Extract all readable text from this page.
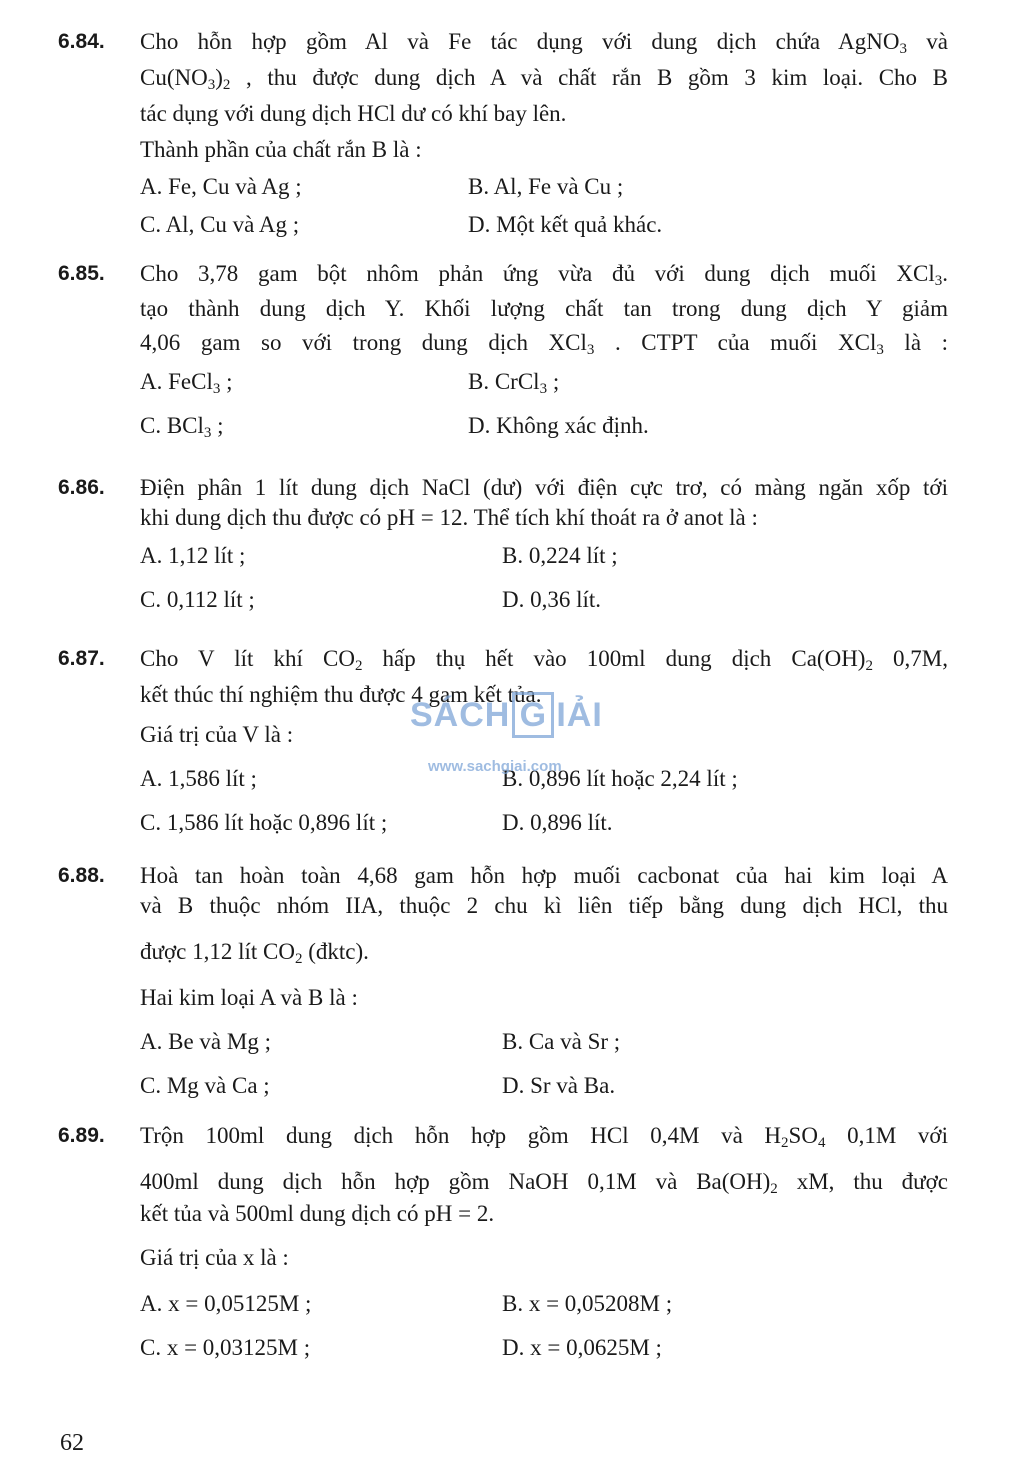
6.84. Cho hỗn hợp gồm Al và Fe tác dụng với dung dịch chứa AgNO$_3$ và
$Cu(NO_3)_2$ , thu được dung dịch A và chất rắn B gồm 3 kim loại. Cho B
tác dụng với dung dịch HCl dư có khí bay lên.
Thành phần của chất rắn B là :
A. Fe, Cu và Ag ;	B. Al, Fe và Cu ;
C. Al, Cu và Ag ;	D. Một kết quả khác.
6.85. Cho 3,78 gam bột nhôm phản ứng vừa đủ với dung dịch muối XCl$_3$.
tạo thành dung dịch Y. Khối lượng chất tan trong dung dịch Y giảm
4,06 gam so với trong dung dịch XCl$_3$ . CTPT của muối XCl$_3$ là :
A. FeCl$_3$ ;	B. CrCl$_3$ ;
C. BCl$_3$ ;	D. Không xác định.
6.86. Điện phân 1 lít dung dịch NaCl (dư) với điện cực trơ, có màng ngăn xốp tới
khi dung dịch thu được có pH = 12. Thể tích khí thoát ra ở anot là :
A. 1,12 lít ;	B. 0,224 lít ;
C. 0,112 lít ;	D. 0,36 lít.
6.87. Cho V lít khí $CO_2$ hấp thụ hết vào 100ml dung dịch $Ca(OH)_2$ 0,7M,
kết thúc thí nghiệm thu được 4 gam kết tủa.
Giá trị của V là :
A. 1,586 lít ;	B. 0,896 lít hoặc 2,24 lít ;
C. 1,586 lít hoặc 0,896 lít ;	D. 0,896 lít.
6.88. Hoà tan hoàn toàn 4,68 gam hỗn hợp muối cacbonat của hai kim loại A
và B thuộc nhóm IIA, thuộc 2 chu kì liên tiếp bằng dung dịch HCl, thu
được 1,12 lít $CO_2$ (đktc).
Hai kim loại A và B là :
A. Be và Mg ;	B. Ca và Sr ;
C. Mg và Ca ;	D. Sr và Ba.
6.89. Trộn 100ml dung dịch hỗn hợp gồm HCl 0,4M và $H_2SO_4$ 0,1M với
400ml dung dịch hỗn hợp gồm NaOH 0,1M và $Ba(OH)_2$ xM, thu được
kết tủa và 500ml dung dịch có pH = 2.
Giá trị của x là :
A. x = 0,05125M ;	B. x = 0,05208M ;
C. x = 0,03125M ;	D. x = 0,0625M ;
SÁCH G IẢI
www.sachgiai.com
62
